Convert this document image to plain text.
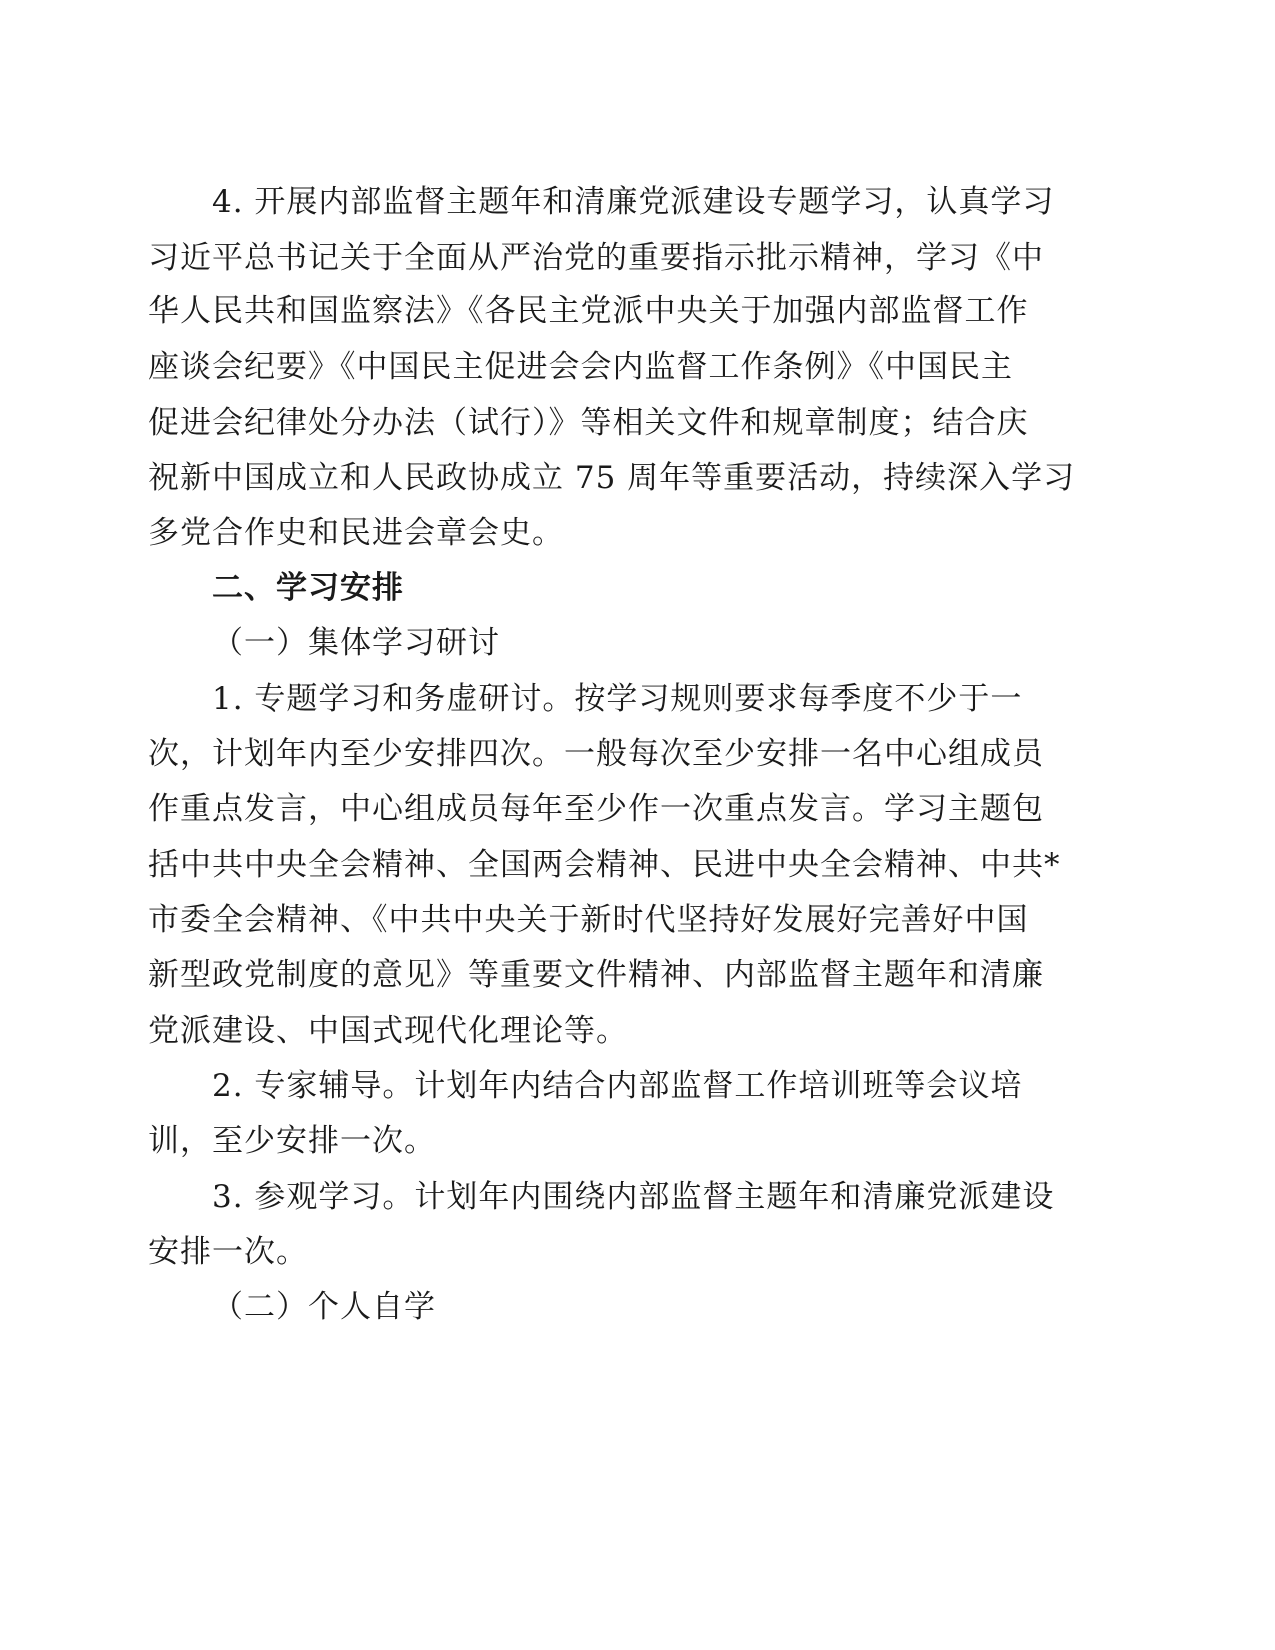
4. 开展内部监督主题年和清廉党派建设专题学习，认真学习
习近平总书记关于全面从严治党的重要指示批示精神，学习《中
华人民共和国监察法》《各民主党派中央关于加强内部监督工作
座谈会纪要》《中国民主促进会会内监督工作条例》《中国民主
促进会纪律处分办法（试行）》等相关文件和规章制度；结合庆
祝新中国成立和人民政协成立 75 周年等重要活动，持续深入学习
多党合作史和民进会章会史。
二、学习安排
（一）集体学习研讨
1. 专题学习和务虚研讨。按学习规则要求每季度不少于一
次，计划年内至少安排四次。一般每次至少安排一名中心组成员
作重点发言，中心组成员每年至少作一次重点发言。学习主题包
括中共中央全会精神、全国两会精神、民进中央全会精神、中共*
市委全会精神、《中共中央关于新时代坚持好发展好完善好中国
新型政党制度的意见》等重要文件精神、内部监督主题年和清廉
党派建设、中国式现代化理论等。
2. 专家辅导。计划年内结合内部监督工作培训班等会议培
训，至少安排一次。
3. 参观学习。计划年内围绕内部监督主题年和清廉党派建设
安排一次。
（二）个人自学
